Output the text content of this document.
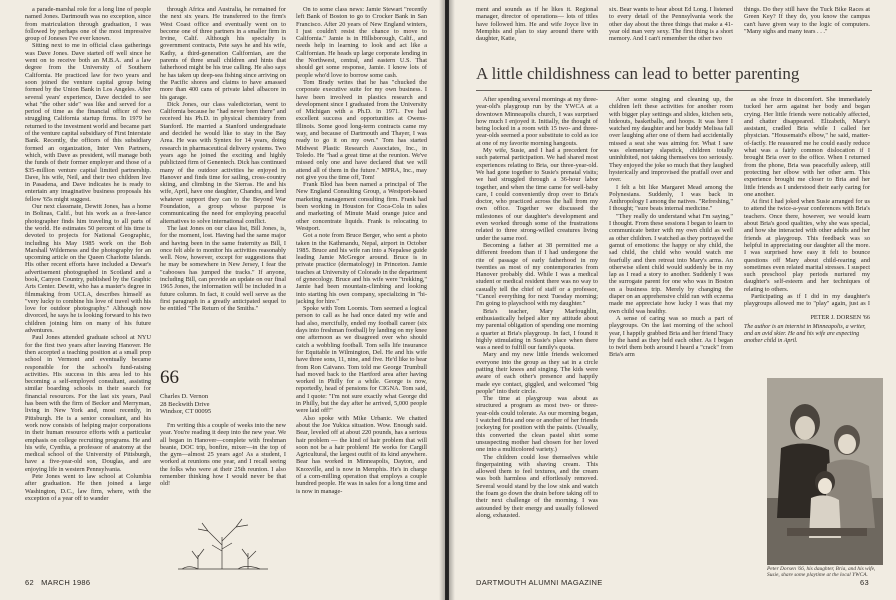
a parade-marshal role for a long line of people named Jones. Dartmouth was no exception, since from matriculation through graduation, I was followed by perhaps one of the most impressive group of Joneses I've ever known.

Sitting next to me in official class gatherings was Dave Jones. Dave started off well since he went on to receive both an M.B.A. and a law degree from the University of Southern California. He practiced law for two years and soon joined the venture capital group being formed by the Union Bank in Los Angeles. After several years' experience, Dave decided to see what "the other side" was like and served for a period of time as the financial officer of two struggling California startup firms. In 1979 he returned to the investment world and became part of the venture capital subsidiary of First Interstate Bank. Recently, the officers of this subsidiary formed an organization, Inter Ven Partners, which, with Dave as president, will manage both the funds of their former employer and those of a $35-million venture capital limited partnership. Dave, his wife, Neil, and their two children live in Pasadena, and Dave indicates he is ready to entertain any imaginative business proposals his fellow '65s might suggest.

Our next classmate, Dewitt Jones, has a home in Bolinas, Calif., but his work as a free-lance photographer finds him traveling to all parts of the world. He estimates 50 percent of his time is devoted to projects for National Geographic, including his May 1985 work on the Bob Marshall Wilderness and the photography for an upcoming article on the Queen Charlotte Islands. His other recent efforts have included a Dewar's advertisement photographed in Scotland and a book, Canyon Country, published by the Graphic Arts Center. Dewitt, who has a master's degree in filmmaking from UCLA, describes himself as "very lucky to combine his love of travel with his love for outdoor photography." Although now divorced, he says he is looking forward to his two children joining him on many of his future adventures.

Paul Jones attended graduate school at NYU for the first two years after leaving Hanover. He then accepted a teaching position at a small prep school in Vermont and eventually became responsible for the school's fund-raising activities. His success in this area led to his becoming a self-employed consultant, assisting similar boarding schools in their search for financial resources. For the last six years, Paul has been with the firm of Becker and Merryman, living in New York and, most recently, in Pittsburgh. He is a senior consultant, and his work now consists of helping major corporations in their human resource efforts with a particular emphasis on college recruiting programs. He and his wife, Cynthia, a professor of anatomy at the medical school of the University of Pittsburgh, have a five-year-old son, Douglas, and are enjoying life in western Pennsylvania.

Pete Jones went to law school at Columbia after graduation. He then joined a large Washington, D.C., law firm, where, with the exception of a year off to wander

through Africa and Australia, he remained for the next six years. He transferred to the firm's West Coast office and eventually went on to become one of three partners in a smaller firm in Irvine, Calif. Although his specialty is government contracts, Pete says he and his wife, Kathy, a third-generation Californian, are the parents of three small children and hints that fatherhood might be his true calling. He also says he has taken up deep-sea fishing since arriving on the Pacific shores and claims to have amassed more than 400 cans of private label albacore in his garage.

Dick Jones, our class valedictorian, went to California because he "had never been there" and received his Ph.D. in physical chemistry from Stanford. He married a Stanford undergraduate and decided he would like to stay in the Bay Area. He was with Syntex for 14 years, doing research in pharmaceutical delivery systems. Two years ago he joined the exciting and highly publicized firm of Genentech. Dick has continued many of the outdoor activities he enjoyed in Hanover and finds time for sailing, cross-country skiing, and climbing in the Sierras. He and his wife, April, have one daughter, Chandra, and lend whatever support they can to the Beyond War Foundation, a group whose purpose is communicating the need for employing peaceful alternatives to solve international conflict.

The last Jones on our class list, Bill Jones, is, for the moment, lost. Having had the same major and having been in the same fraternity as Bill, I once felt able to monitor his activities reasonably well. Now, however, except for suggestions that he may be somewhere in New Jersey, I fear the "cabooses has jumped the tracks." If anyone, including Bill, can provide an update on our final 1965 Jones, the information will be included in a future column. In fact, it could well serve as the first paragraph in a greatly anticipated sequel to be entitled "The Return of the Smiths."

66
Charles D. Vernon
28 Beckwith Drive
Windsor, CT 00095

I'm writing this a couple of weeks into the new year. You're reading it deep into the new year. We all began in Hanover—complete with freshman beanie, DOC trip, bonfire, mixer—in the top of the gym—almost 25 years ago! As a student, I worked at reunions one year, and I recall seeing the folks who were at their 25th reunion. I also remember thinking how I would never be that old!

On to some class news: Jamie Stewart "recently left Bank of Boston to go to Crocker Bank in San Francisco. After 20 years of New England winters, I just couldn't resist the chance to move to California." Jamie is in Hillsborough, Calif., and needs help in learning to look and act like a Californian. He heads up large corporate lending in the Northwest, central, and eastern U.S. That should get some response, Jamie. I know lots of people who'd love to borrow some cash.

Tom Brady writes that he has "chucked the corporate executive suite for my own business. I have been involved in plastics research and development since I graduated from the University of Michigan with a Ph.D. in 1971. I've had excellent success and opportunities at Owens-Illinois. Some good long-term contracts came my way, and because of Dartmouth and Thayer, I was ready to go it on my own." Tom has started Midwest Plastic Research Associates, Inc., in Toledo. He "had a great time at the reunion. We've missed only one and have declared that we will attend all of them in the future." MPRA, Inc., may not give you the time off, Tom!

Frank Blod has been named a principal of The New England Consulting Group, a Westport-based marketing management consulting firm. Frank had been working in Houston for Coca-Cola in sales and marketing of Minute Maid orange juice and other concentrate liquids. Frank is relocating to Westport.

Got a note from Bruce Berger, who sent a photo taken in the Kathmandu, Nepal, airport in October 1985. Bruce and his wife ran into a Nepalese guide leading Jamie McGregor around. Bruce is in private practice (dermatology) in Princeton. Jamie teaches at University of Colorado in the department of gynecology. Bruce and his wife were "trekking," Jamie had been mountain-climbing and looking into starting his own company, specializing in "hi-jacking for hire."

Spoke with Tom Loomis. Tom seemed a logical person to call as he had once dated my wife and had also, mercifully, ended my football career (six days into freshman football) by landing on my knee one afternoon as we disagreed over who should catch a wobbling football. Tom sells life insurance for Equitable in Wilmington, Del. He and his wife have three sons, 11, nine, and five. He'd like to hear from Ron Caivano. Tom told me George Trumbull had moved back to the Hartford area after having worked in Philly for a while. George is now, reportedly, head of pensions for CIGNA. Tom said, and I quote: "I'm not sure exactly what George did in Philly, but the day after he arrived, 5,000 people were laid off!"

Also spoke with Mike Urbanic. We chatted about the Joe Yukica situation. Wow. Enough said. Bear, leveled off at about 220 pounds, has a serious hair problem — the kind of hair problem that will soon not be a hair problem! He works for Cargill Agricultural, the largest outfit of its kind anywhere. Bear has worked in Minneapolis, Dayton, and Knoxville, and is now in Memphis. He's in charge of a corn-milling operation that employs a couple hundred people. He was in sales for a long time and is now in manage-

62 MARCH 1986
ment and sounds as if he likes it. Regional manager, director of operations— lots of titles have followed him. He and wife Joyce live in Memphis and plan to stay around there with daughter, Katie,
six. Bear wants to hear about Ed Long. I listened to every detail of the Pennsylvania work the other day about the three things that make a 41-year old man very sexy. The first thing is a short memory. And I can't remember the other two
things. Do they still have the Tuck Bike Races at Green Key? If they do, you know the campus can't have given way to the logic of computers. "Many sighs and many tears . . ."
A little childishness can lead to better parenting

After spending several mornings at my three-year-old's playgroup run by the YWCA at a downtown Minneapolis church, I was surprised how much I enjoyed it. Initially, the thought of being locked in a room with 15 two- and three-year-olds seemed a poor substitute to cold as ice at one of my favorite morning hangouts.

My wife, Susie, and I had a precedent for such paternal participation. We had shared most experiences relating to Bria, our three-year-old. We had gone together to Susie's prenatal visits; we had struggled through a 36-hour labor together, and when the time came for well-baby care, I could conveniently drop over to Bria's doctor, who practiced across the hall from my own office. Together we discussed the milestones of our daughter's development and even worked through some of the frustrations related to three strong-willed creatures living under the same roof.

Becoming a father at 38 permitted me a different freedom than if I had undergone the rite of passage of early fatherhood in my twenties as most of my contemporaries from Hanover probably did. While I was a medical student or medical resident there was no way to casually tell the chief of staff or a professor, "Cancel everything for next Tuesday morning; I'm going to playschool with my daughter."

Bria's teacher, Mary Marfoughlin, enthusiastically helped alter my attitude about my parental obligation of spending one morning a quarter at Bria's playgroup. In fact, I found it highly stimulating in Susie's place when there was a need to fulfill our family's quota.

Mary and my new little friends welcomed everyone into the group as they sat in a circle patting their knees and singing. The kids were aware of each other's presence and happily made eye contact, giggled, and welcomed "big people" into their circle.

The time at playgroup was about as structured a program as most two- or three-year-olds could tolerate. As our morning began, I watched Bria and one or another of her friends jockeying for position with the paints. (Usually, this converted the clean pastel shirt some unsuspecting mother had chosen for her loved one into a multicolored variety.)

The children could lose themselves while fingerpainting with shaving cream. This allowed them to feel textures, and the cream was both harmless and effortlessly removed. Several would stand by the low sink and watch the foam go down the drain before taking off to their next challenge of the morning. I was astounded by their energy and usually followed along, exhausted.

After some singing and cleaning up, the children left these activities for another room with bigger play settings and slides, kitchen sets, hideouts, basketballs, and hoops. It was here I watched my daughter and her buddy Melissa fall over laughing after one of them had accidentally missed a seat she was aiming for. What I saw was elementary slapstick, children totally uninhibited, not taking themselves too seriously. They enjoyed the joke so much that they laughed hysterically and improvised the pratfall over and over.

I felt a bit like Margaret Mead among the Polynesians. Suddenly, I was back in Anthropology I among the natives. "Refreshing," I thought; "sure beats internal medicine."

"They really do understand what I'm saying," I thought. From these sessions I began to learn to communicate better with my own child as well as other children. I watched as they portrayed the gamut of emotions: the happy or shy child, the sad child, the child who would watch me fearfully and then retreat into Mary's arms. An otherwise silent child would suddenly be in my lap as I read a story to another. Suddenly I was the surrogate parent for one who was in Boston on a business trip. Merely by changing the diaper on an apprehensive child ran with eczema made me appreciate how lucky I was that my own child was healthy.

A sense of caring was so much a part of playgroups. On the last morning of the school year, I happily grabbed Bria and her friend Tracy by the hand as they held each other. As I began to twirl them both around I heard a "crack" from Bria's arm

as she froze in discomfort. She immediately tucked her arm against her body and began crying. Her little friends were noticably affected, and chatter disappeared. Elizabeth, Mary's assistant, cradled Bria while I called her physician. "Housemaid's elbow," he said, matter-of-factly. He reassured me he could easily reduce what was a fairly common dislocation if I brought Bria over to the office. When I returned from the phone, Bria was peacefully asleep, still protecting her elbow with her other arm. This experience brought me closer to Bria and her little friends as I understood their early caring for one another.

At first I had joked when Susie arranged for us to attend the twice-a-year conferences with Bria's teachers. Once there, however, we would learn about Bria's good qualities, why she was special, and how she interacted with other adults and her friends at playgroup. This feedback was so helpful in appreciating our daughter all the more. I was surprised how easy it felt to bounce questions off Mary about child-rearing and sometimes even related marital stresses. I suspect such preschool play periods nurtured my daughter's self-esteem and her techniques of relating to others.

Participating as if I did in my daughter's playgroups allowed me to "play" again, just as I

PETER J. DORSEN '66
The author is an internist in Minneapolis, a writer, and an avid skier. He and his wife are expecting another child in April.
Peter Dorsen '66, his daughter, Bria, and his wife, Susie, share some playtime at the local YWCA.
DARTMOUTH ALUMNI MAGAZINE	63
